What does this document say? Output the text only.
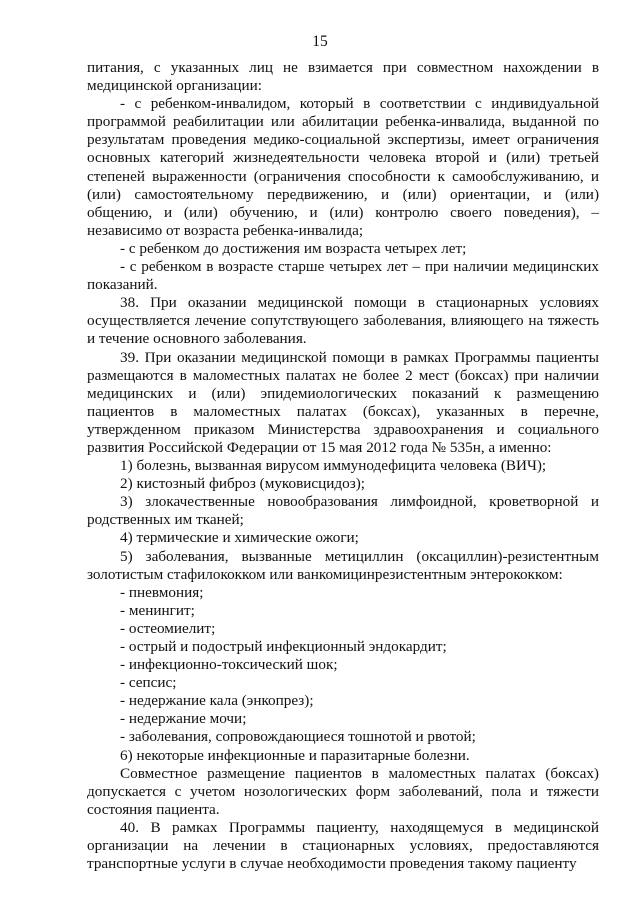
15

питания, с указанных лиц не взимается при совместном нахождении в медицинской организации:

- с ребенком-инвалидом, который в соответствии с индивидуальной программой реабилитации или абилитации ребенка-инвалида, выданной по результатам проведения медико-социальной экспертизы, имеет ограничения основных категорий жизнедеятельности человека второй и (или) третьей степеней выраженности (ограничения способности к самообслуживанию, и (или) самостоятельному передвижению, и (или) ориентации, и (или) общению, и (или) обучению, и (или) контролю своего поведения), – независимо от возраста ребенка-инвалида;

- с ребенком до достижения им возраста четырех лет;

- с ребенком в возрасте старше четырех лет – при наличии медицинских показаний.

38. При оказании медицинской помощи в стационарных условиях осуществляется лечение сопутствующего заболевания, влияющего на тяжесть и течение основного заболевания.

39. При оказании медицинской помощи в рамках Программы пациенты размещаются в маломестных палатах не более 2 мест (боксах) при наличии медицинских и (или) эпидемиологических показаний к размещению пациентов в маломестных палатах (боксах), указанных в перечне, утвержденном приказом Министерства здравоохранения и социального развития Российской Федерации от 15 мая 2012 года № 535н, а именно:

1) болезнь, вызванная вирусом иммунодефицита человека (ВИЧ);

2) кистозный фиброз (муковисцидоз);

3) злокачественные новообразования лимфоидной, кроветворной и родственных им тканей;

4) термические и химические ожоги;

5) заболевания, вызванные метициллин (оксациллин)-резистентным золотистым стафилококком или ванкомицинрезистентным энтерококком:

- пневмония;

- менингит;

- остеомиелит;

- острый и подострый инфекционный эндокардит;

- инфекционно-токсический шок;

- сепсис;

- недержание кала (энкопрез);

- недержание мочи;

- заболевания, сопровождающиеся тошнотой и рвотой;

6) некоторые инфекционные и паразитарные болезни.

Совместное размещение пациентов в маломестных палатах (боксах) допускается с учетом нозологических форм заболеваний, пола и тяжести состояния пациента.

40. В рамках Программы пациенту, находящемуся в медицинской организации на лечении в стационарных условиях, предоставляются транспортные услуги в случае необходимости проведения такому пациенту
